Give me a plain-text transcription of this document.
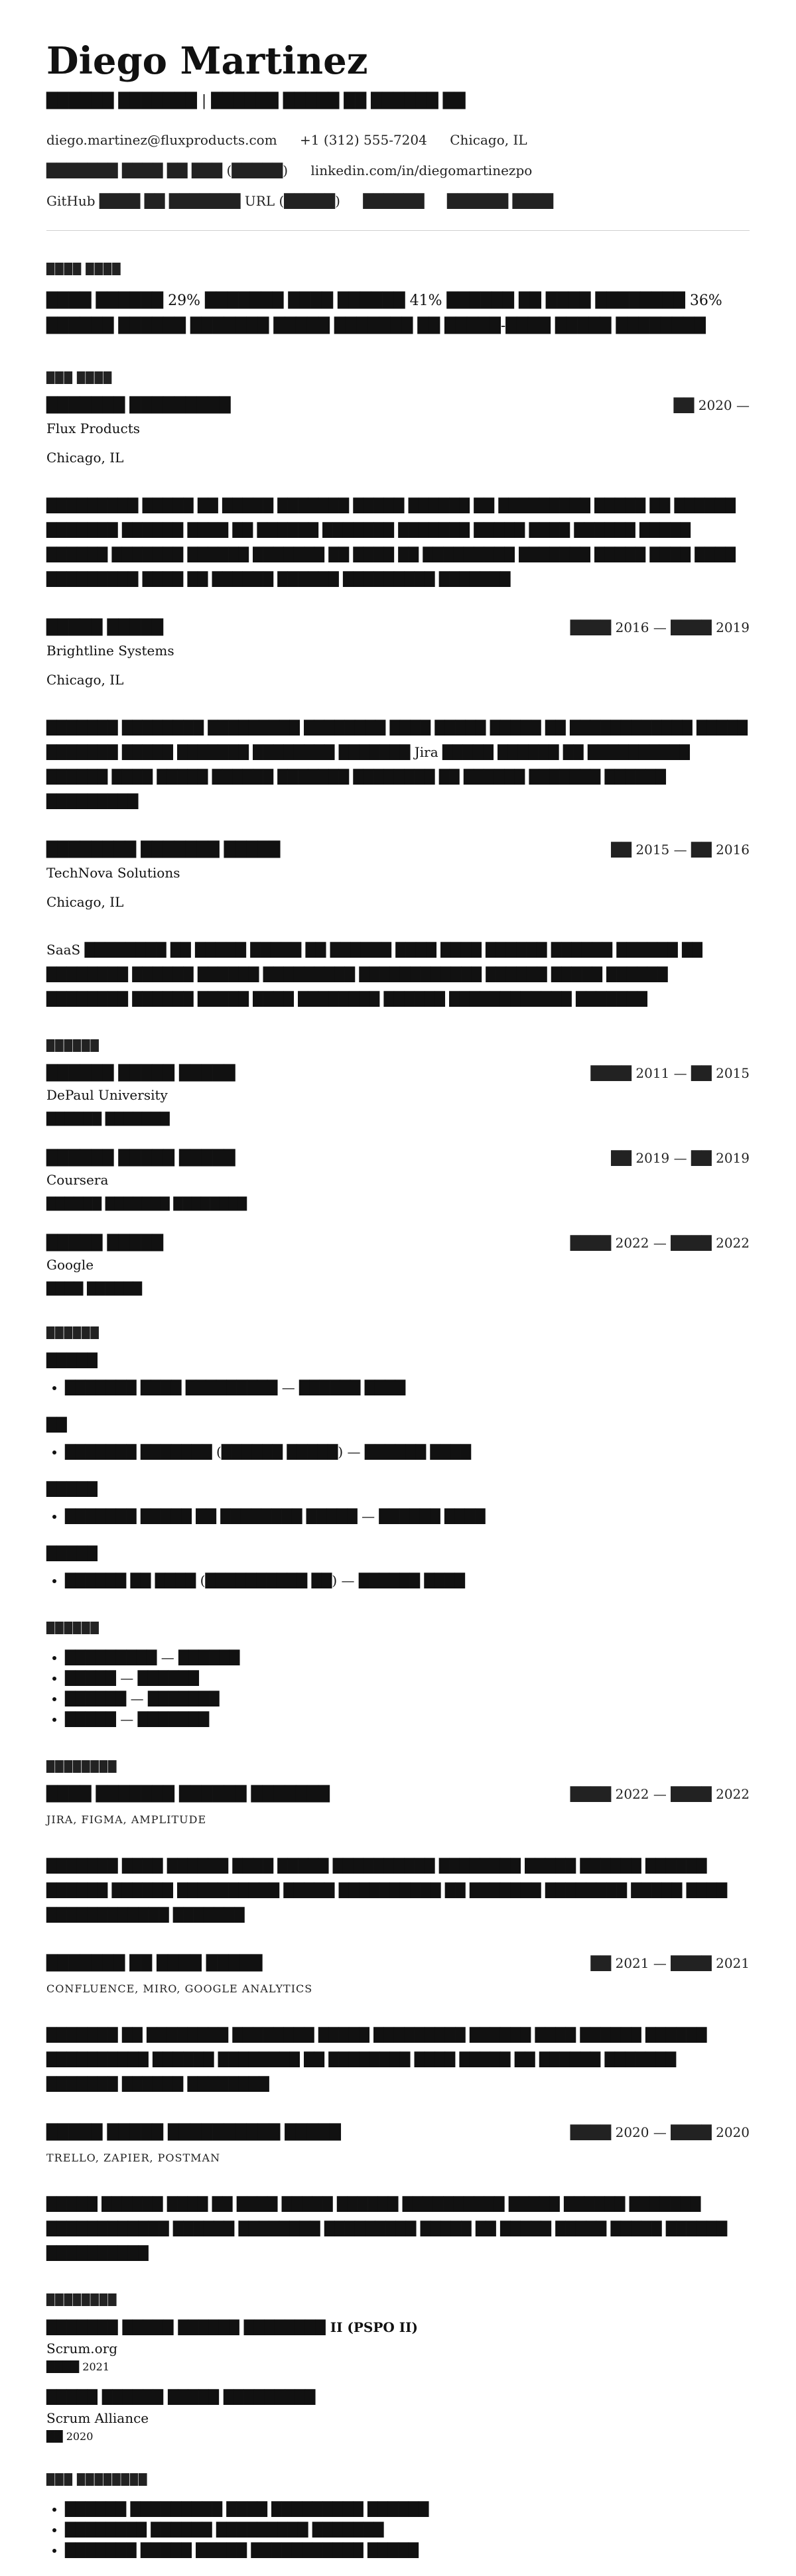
Diego Martinez
██████ ███████ | ██████ █████ ██ ██████ ██
diego.martinez@fluxproducts.com +1 (312) 555-7204 Chicago, IL
███████ ████ ██ ███ (█████) linkedin.com/in/diegomartinezpo
GitHub ████ ██ ███████ URL (█████) ██████ ██████ ████
████ ████
████ ██████ 29% ███████ ████ ██████ 41% ██████ ██ ████ ████████ 36% ██████ ██████ ███████ █████ ███████ ██ █████-████ █████ ████████
███ ████
███████ █████████	██ 2020 —
Flux Products
Chicago, IL
█████████ █████ ██ █████ ███████ █████ ██████ ██ █████████ █████ ██ ██████ ███████ ██████ ████ ██ ██████ ███████ ███████ █████ ████ ██████ █████ ██████ ███████ ██████ ███████ ██ ████ ██ █████████ ███████ █████ ████ ████ █████████ ████ ██ ██████ ██████ █████████ ███████
█████ █████	████ 2016 — ████ 2019
Brightline Systems
Chicago, IL
███████ ████████ █████████ ████████ ████ █████ █████ ██ ████████████ █████ ███████ █████ ███████ ████████ ███████ Jira █████ ██████ ██ ██████████ ██████ ████ █████ ██████ ███████ ████████ ██ ██████ ███████ ██████ █████████
████████ ███████ █████	██ 2015 — ██ 2016
TechNova Solutions
Chicago, IL
SaaS ████████ ██ █████ █████ ██ ██████ ████ ████ ██████ ██████ ██████ ██ ████████ ██████ ██████ █████████ ████████████ ██████ █████ ██████ ████████ ██████ █████ ████ ████████ ██████ ████████████ ███████
██████
██████ █████ █████	████ 2011 — ██ 2015
DePaul University
██████ ███████
██████ █████ █████	██ 2019 — ██ 2019
Coursera
██████ ███████ ████████
█████ █████	████ 2022 — ████ 2022
Google
████ ██████
██████
█████
• ███████ ████ █████████ — ██████ ████
██
• ███████ ███████ (██████ █████) — ██████ ████
█████
• ███████ █████ ██ ████████ █████ — ██████ ████
█████
• ██████ ██ ████ (██████████ ██) — ██████ ████
██████
• █████████ — ██████
• █████ — ██████
• ██████ — ███████
• █████ — ███████
████████
████ ███████ ██████ ███████	████ 2022 — ████ 2022
JIRA, FIGMA, AMPLITUDE
███████ ████ ██████ ████ █████ ██████████ ████████ █████ ██████ ██████ ██████ ██████ ██████████ █████ ██████████ ██ ███████ ████████ █████ ████ ████████████ ███████
███████ ██ ████ █████	██ 2021 — ████ 2021
CONFLUENCE, MIRO, GOOGLE ANALYTICS
███████ ██ ████████ ████████ █████ █████████ ██████ ████ ██████ ██████ ██████████ ██████ ████████ ██ ████████ ████ █████ ██ ██████ ███████ ███████ ██████ ████████
█████ █████ ██████████ █████	████ 2020 — ████ 2020
TRELLO, ZAPIER, POSTMAN
█████ ██████ ████ ██ ████ █████ ██████ ██████████ █████ ██████ ███████ ████████████ ██████ ████████ █████████ █████ ██ █████ █████ █████ ██████ ██████████
████████
███████ █████ ██████ ████████ II (PSPO II)
Scrum.org
████ 2021
█████ ██████ █████ █████████
Scrum Alliance
██ 2020
███ ████████
• ██████ █████████ ████ █████████ ██████
• ████████ ██████ █████████ ███████
• ███████ █████ █████ ███████████ █████
